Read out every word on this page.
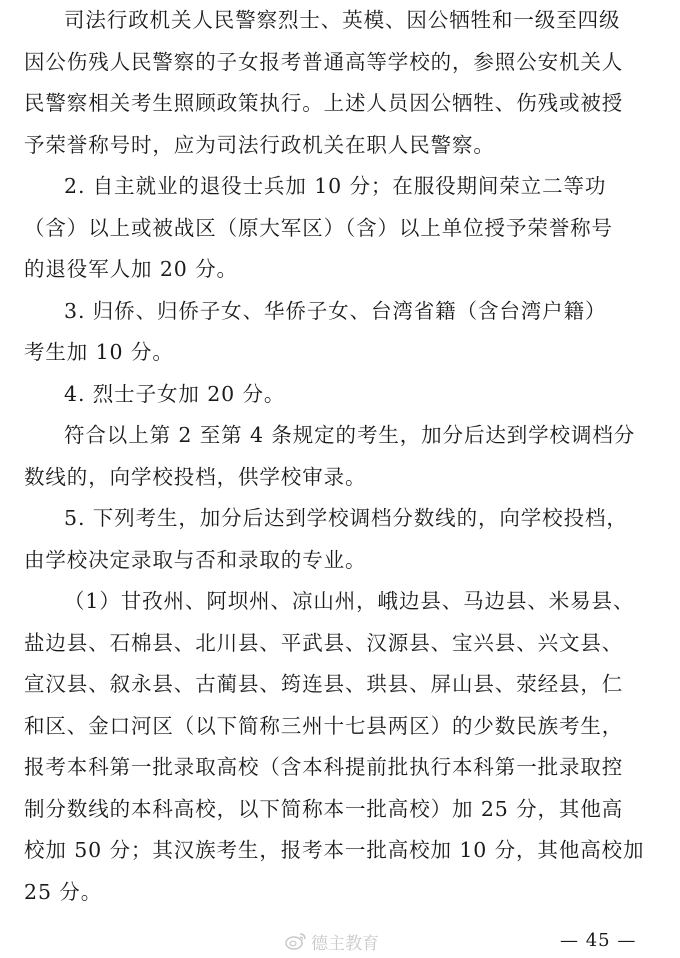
司法行政机关人民警察烈士、英模、因公牺牲和一级至四级
因公伤残人民警察的子女报考普通高等学校的，参照公安机关人
民警察相关考生照顾政策执行。上述人员因公牺牲、伤残或被授
予荣誉称号时，应为司法行政机关在职人民警察。
2. 自主就业的退役士兵加 10 分；在服役期间荣立二等功
（含）以上或被战区（原大军区）（含）以上单位授予荣誉称号
的退役军人加 20 分。
3. 归侨、归侨子女、华侨子女、台湾省籍（含台湾户籍）
考生加 10 分。
4. 烈士子女加 20 分。
符合以上第 2 至第 4 条规定的考生，加分后达到学校调档分
数线的，向学校投档，供学校审录。
5. 下列考生，加分后达到学校调档分数线的，向学校投档，
由学校决定录取与否和录取的专业。
（1）甘孜州、阿坝州、凉山州，峨边县、马边县、米易县、
盐边县、石棉县、北川县、平武县、汉源县、宝兴县、兴文县、
宣汉县、叙永县、古蔺县、筠连县、珙县、屏山县、荥经县，仁
和区、金口河区（以下简称三州十七县两区）的少数民族考生，
报考本科第一批录取高校（含本科提前批执行本科第一批录取控
制分数线的本科高校，以下简称本一批高校）加 25 分，其他高
校加 50 分；其汉族考生，报考本一批高校加 10 分，其他高校加
25 分。
德主教育	— 45 —
